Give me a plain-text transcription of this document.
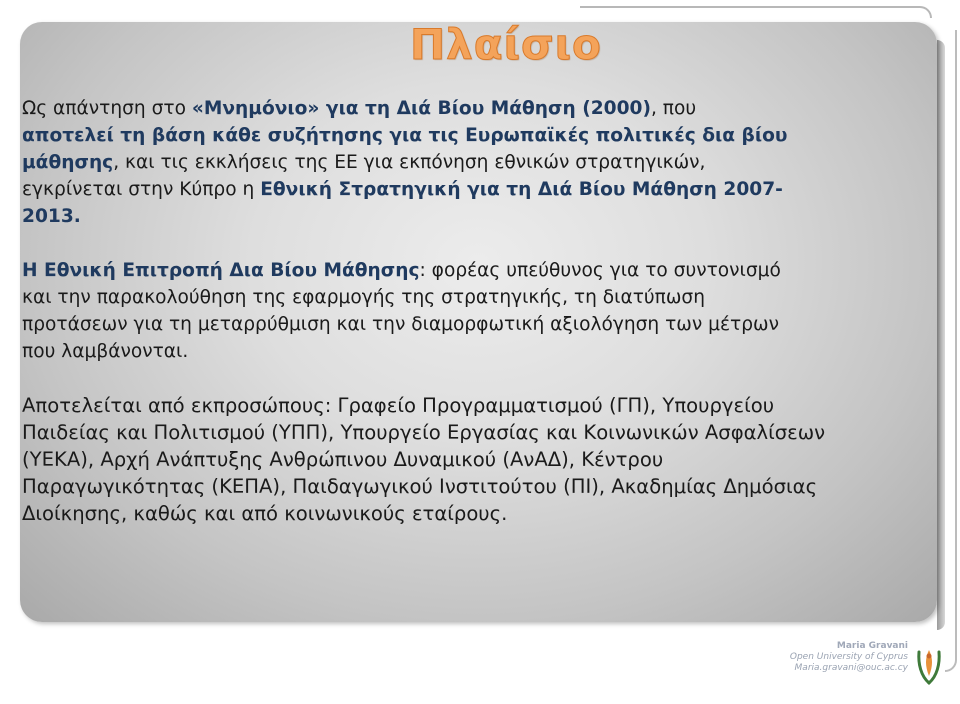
Πλαίσιο
Ως απάντηση στο «Μνημόνιο» για τη Διά Βίου Μάθηση (2000), που
αποτελεί τη βάση κάθε συζήτησης για τις Ευρωπαϊκές πολιτικές δια βίου
μάθησης, και τις εκκλήσεις της ΕΕ για εκπόνηση εθνικών στρατηγικών,
εγκρίνεται στην Κύπρο η Εθνική Στρατηγική για τη Διά Βίου Μάθηση 2007-
2013.
Η Εθνική Επιτροπή Δια Βίου Μάθησης: φορέας υπεύθυνος για το συντονισμό
και την παρακολούθηση της εφαρμογής της στρατηγικής, τη διατύπωση
προτάσεων για τη μεταρρύθμιση και την διαμορφωτική αξιολόγηση των μέτρων
που λαμβάνονται.
Αποτελείται από εκπροσώπους: Γραφείο Προγραμματισμού (ΓΠ), Υπουργείου
Παιδείας και Πολιτισμού (ΥΠΠ), Υπουργείο Εργασίας και Κοινωνικών Ασφαλίσεων
(ΥΕΚΑ), Αρχή Ανάπτυξης Ανθρώπινου Δυναμικού (ΑνΑΔ), Κέντρου
Παραγωγικότητας (ΚΕΠΑ), Παιδαγωγικού Ινστιτούτου (ΠΙ), Ακαδημίας Δημόσιας
Διοίκησης, καθώς και από κοινωνικούς εταίρους.
Maria Gravani
Open University of Cyprus
Maria.gravani@ouc.ac.cy
